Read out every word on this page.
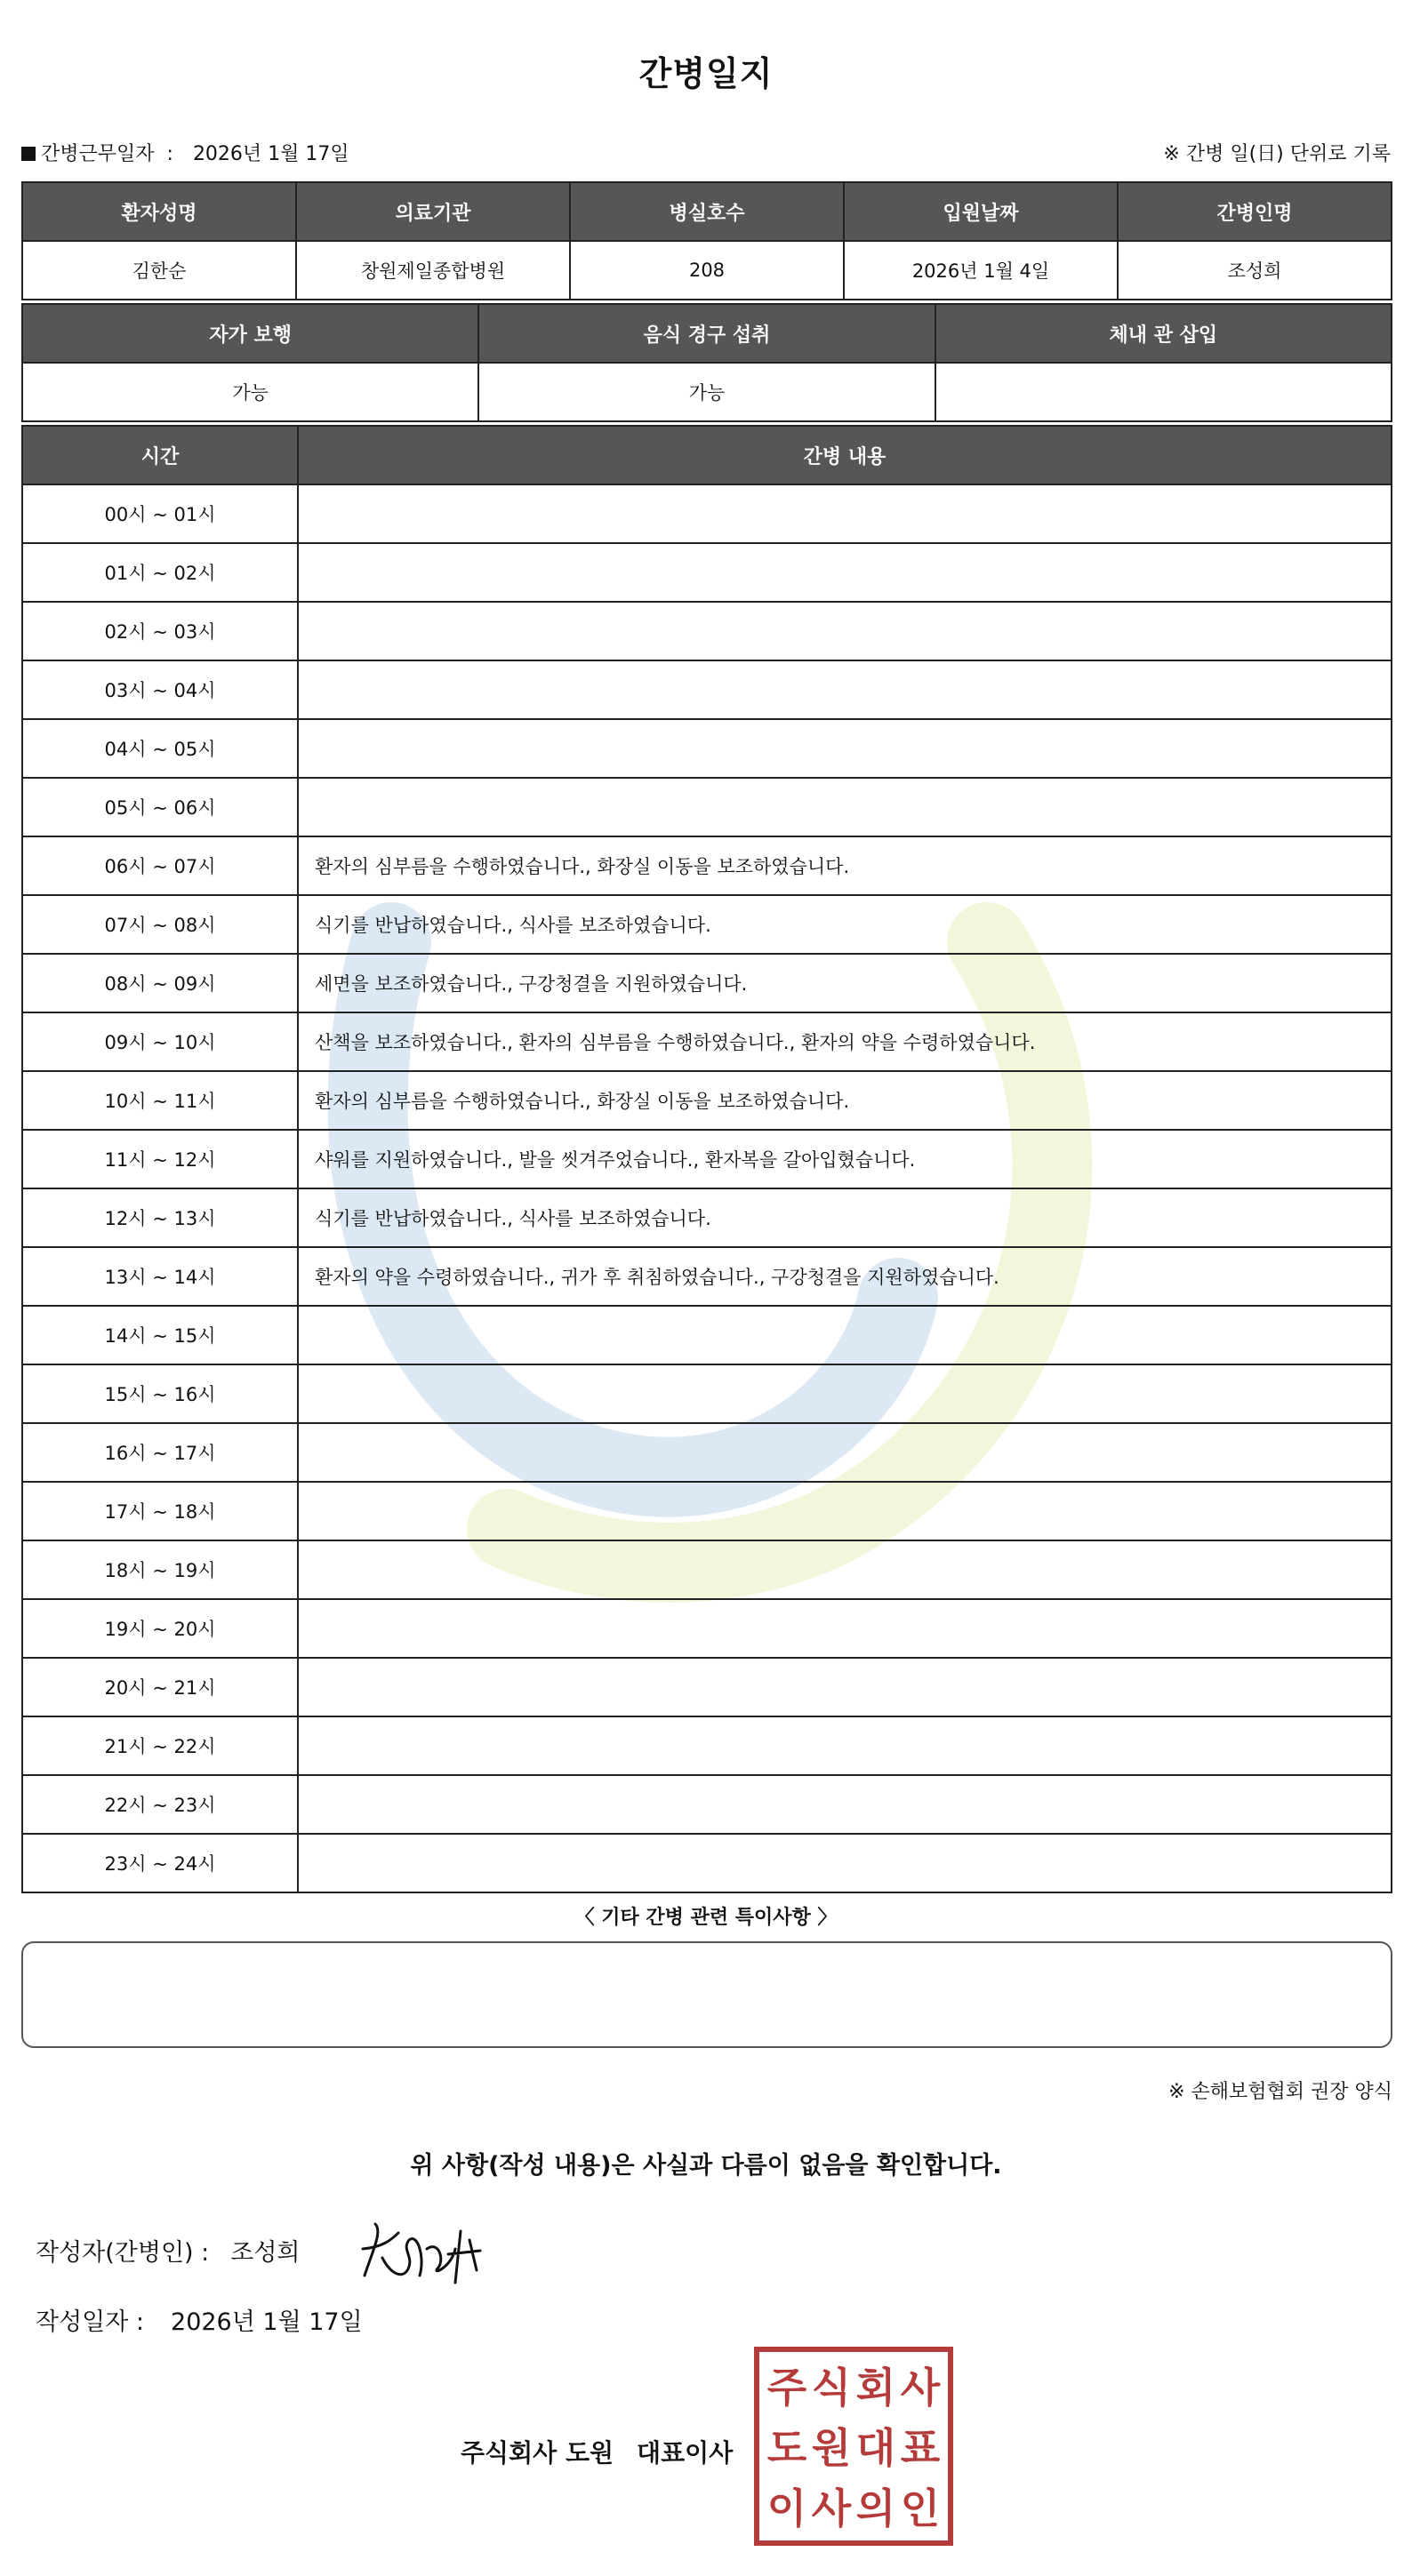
간병일지
간병근무일자 : 2026년 1월 17일	※ 간병 일(日) 단위로 기록
환자성명	의료기관	병실호수	입원날짜	간병인명
김한순	창원제일종합병원	208	2026년 1월 4일	조성희
자가 보행	음식 경구 섭취	체내 관 삽입
가능	가능	
시간	간병 내용
00시 ~ 01시	
01시 ~ 02시	
02시 ~ 03시	
03시 ~ 04시	
04시 ~ 05시	
05시 ~ 06시	
06시 ~ 07시	환자의 심부름을 수행하였습니다., 화장실 이동을 보조하였습니다.
07시 ~ 08시	식기를 반납하였습니다., 식사를 보조하였습니다.
08시 ~ 09시	세면을 보조하였습니다., 구강청결을 지원하였습니다.
09시 ~ 10시	산책을 보조하였습니다., 환자의 심부름을 수행하였습니다., 환자의 약을 수령하였습니다.
10시 ~ 11시	환자의 심부름을 수행하였습니다., 화장실 이동을 보조하였습니다.
11시 ~ 12시	샤워를 지원하였습니다., 발을 씻겨주었습니다., 환자복을 갈아입혔습니다.
12시 ~ 13시	식기를 반납하였습니다., 식사를 보조하였습니다.
13시 ~ 14시	환자의 약을 수령하였습니다., 귀가 후 취침하였습니다., 구강청결을 지원하였습니다.
14시 ~ 15시	
15시 ~ 16시	
16시 ~ 17시	
17시 ~ 18시	
18시 ~ 19시	
19시 ~ 20시	
20시 ~ 21시	
21시 ~ 22시	
22시 ~ 23시	
23시 ~ 24시	
〈 기타 간병 관련 특이사항 〉
※ 손해보험협회 권장 양식
위 사항(작성 내용)은 사실과 다름이 없음을 확인합니다.
작성자(간병인) : 조성희
작성일자 : 2026년 1월 17일
주식회사 도원 대표이사
주 식 회 사
도 원 대 표
이 사 의 인
